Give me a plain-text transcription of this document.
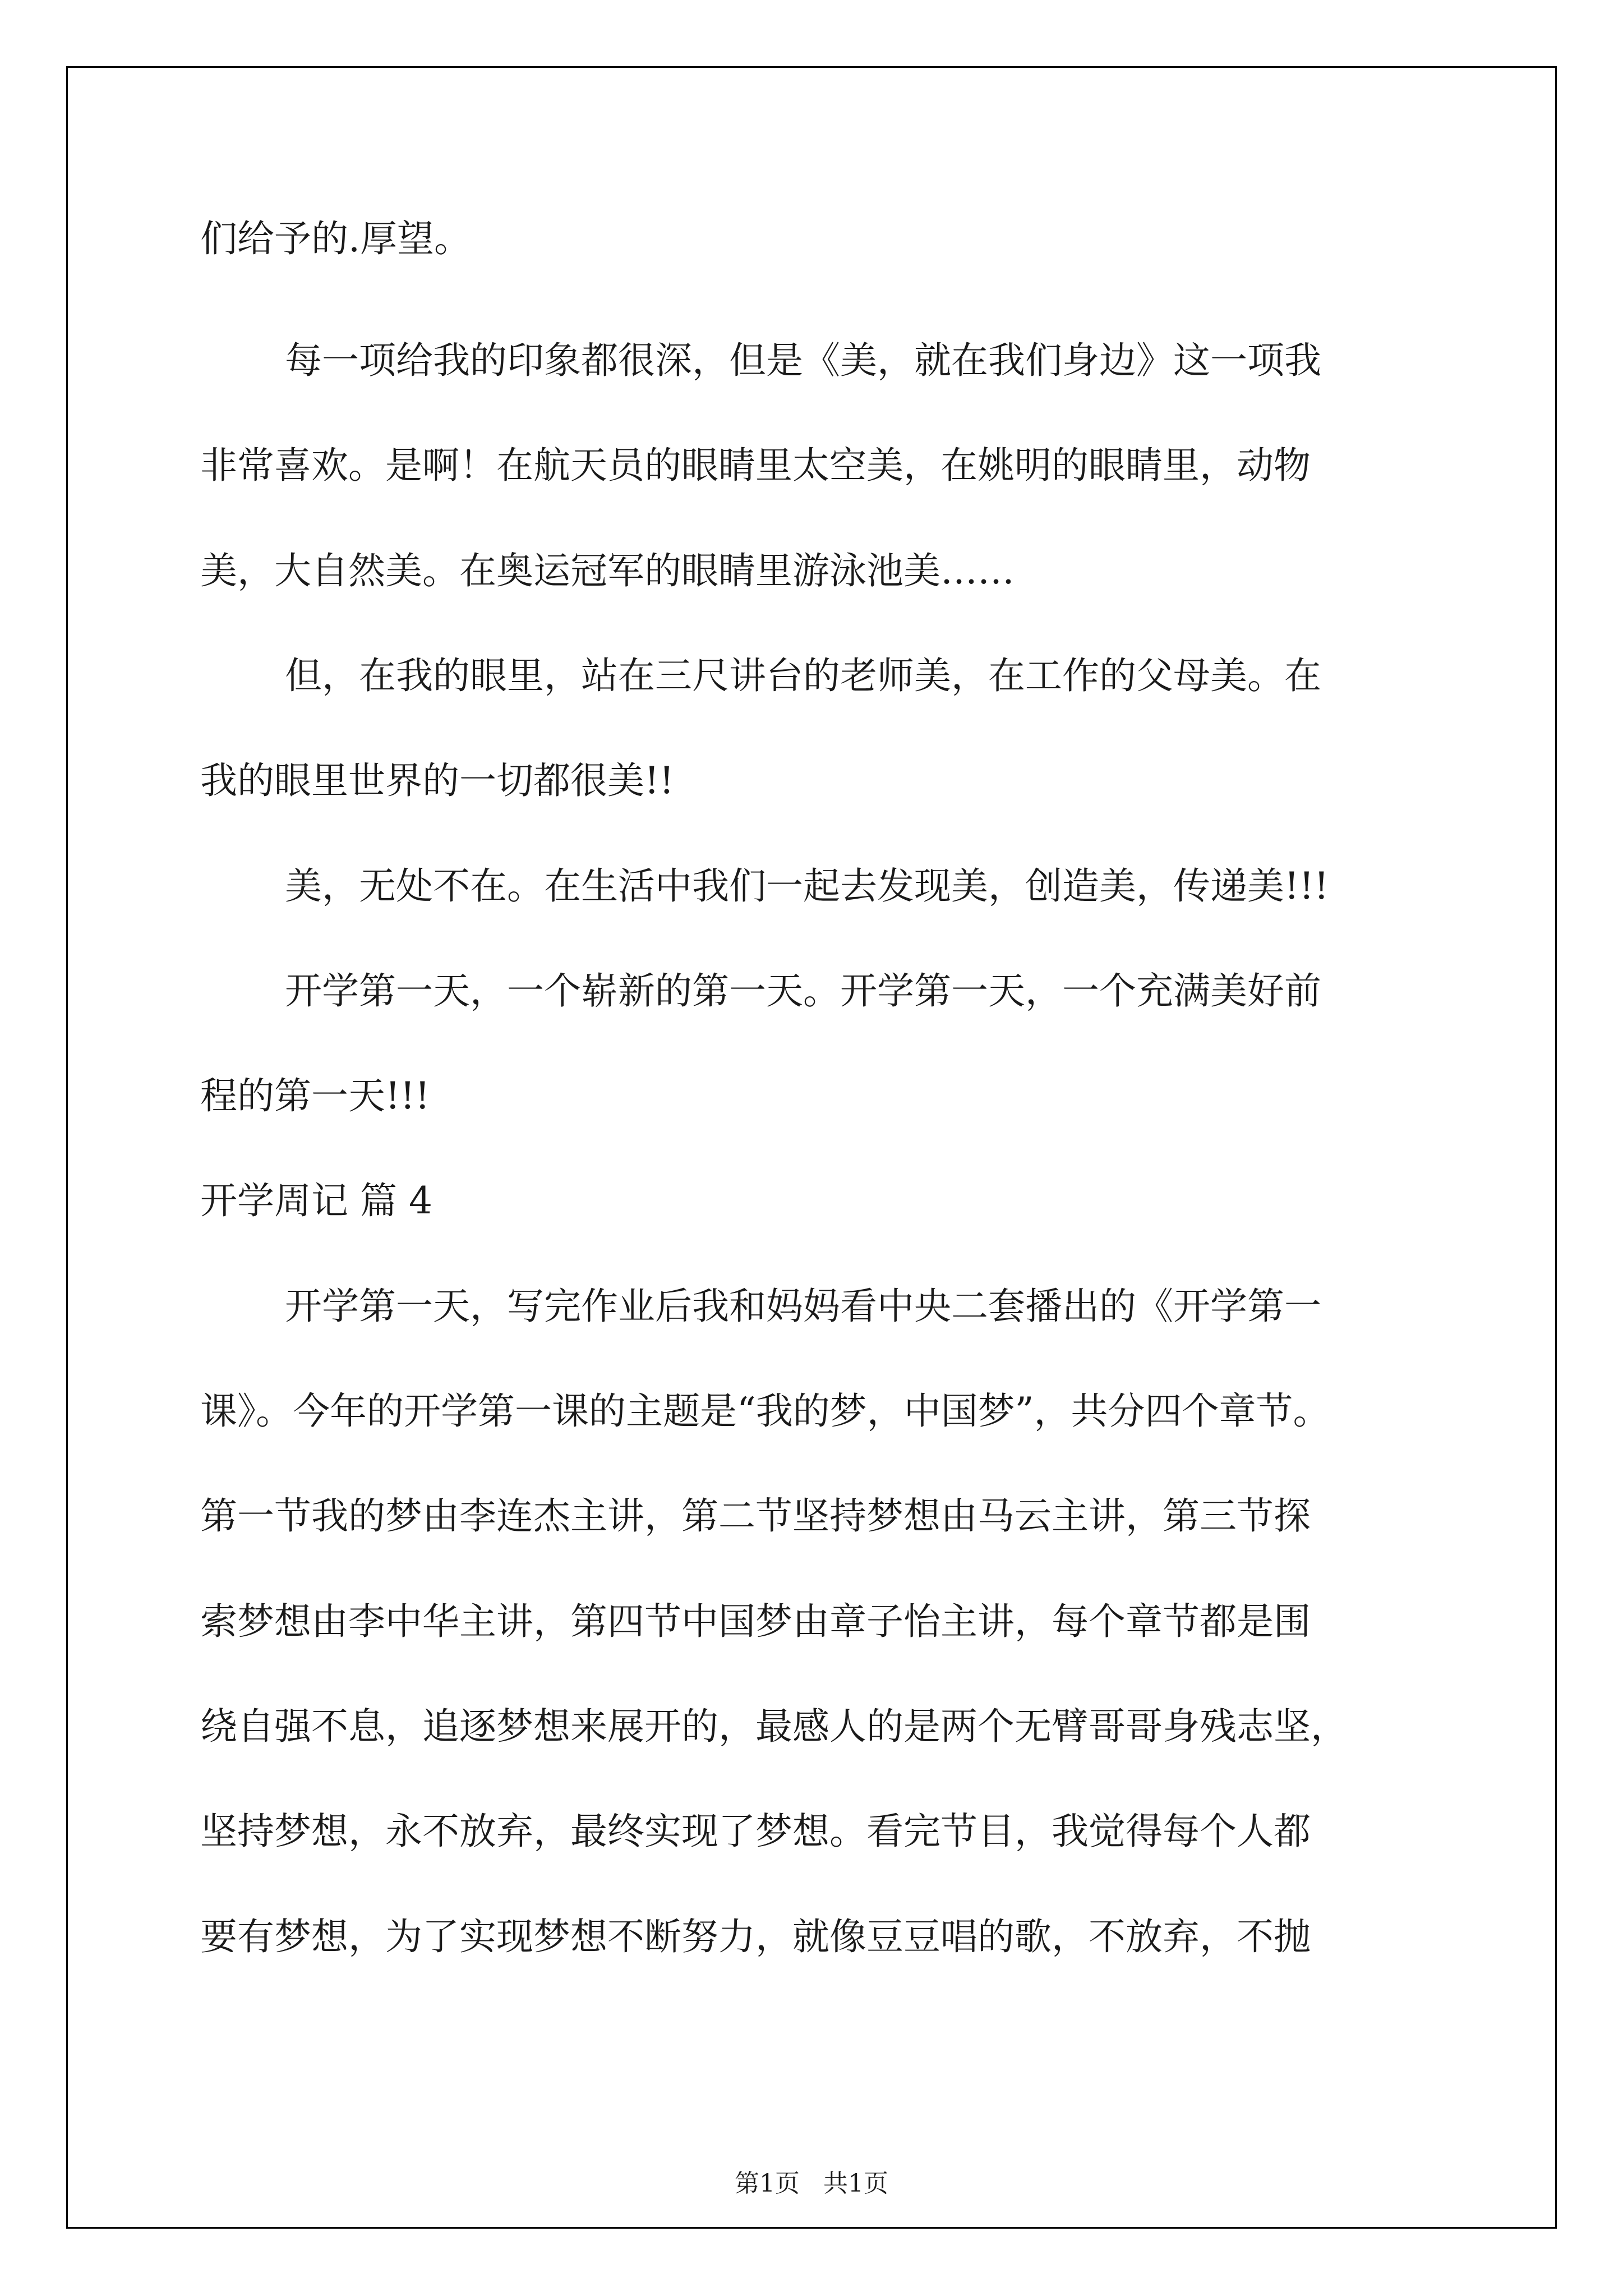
们给予的.厚望。
每一项给我的印象都很深，但是《美，就在我们身边》这一项我
非常喜欢。是啊！在航天员的眼睛里太空美，在姚明的眼睛里，动物
美，大自然美。在奥运冠军的眼睛里游泳池美……
但，在我的眼里，站在三尺讲台的老师美，在工作的父母美。在
我的眼里世界的一切都很美!!
美，无处不在。在生活中我们一起去发现美，创造美，传递美!!!
开学第一天，一个崭新的第一天。开学第一天，一个充满美好前
程的第一天!!!
开学周记 篇 4
开学第一天，写完作业后我和妈妈看中央二套播出的《开学第一
课》。今年的开学第一课的主题是“我的梦，中国梦”，共分四个章节。
第一节我的梦由李连杰主讲，第二节坚持梦想由马云主讲，第三节探
索梦想由李中华主讲，第四节中国梦由章子怡主讲，每个章节都是围
绕自强不息，追逐梦想来展开的，最感人的是两个无臂哥哥身残志坚，
坚持梦想，永不放弃，最终实现了梦想。看完节目，我觉得每个人都
要有梦想，为了实现梦想不断努力，就像豆豆唱的歌，不放弃，不抛
第1页 共1页
